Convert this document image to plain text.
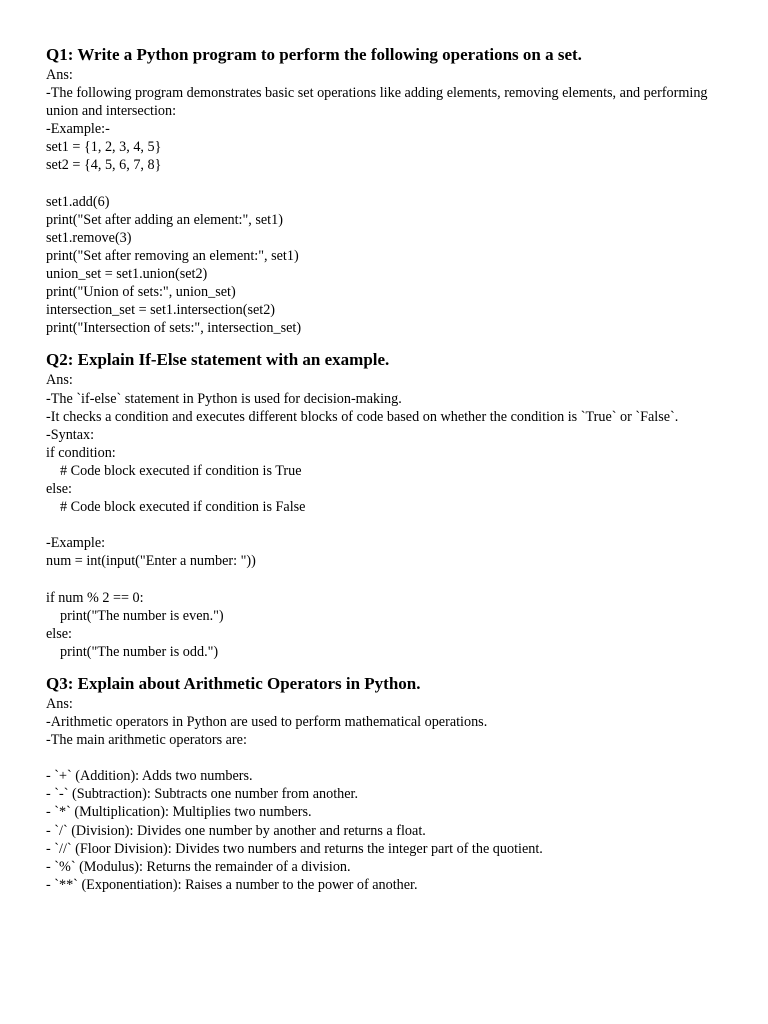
Q1: Write a Python program to perform the following operations on a set.
Ans:
-The following program demonstrates basic set operations like adding elements, removing elements, and performing union and intersection:
-Example:-
set1 = {1, 2, 3, 4, 5}
set2 = {4, 5, 6, 7, 8}
set1.add(6)
print("Set after adding an element:", set1)
set1.remove(3)
print("Set after removing an element:", set1)
union_set = set1.union(set2)
print("Union of sets:", union_set)
intersection_set = set1.intersection(set2)
print("Intersection of sets:", intersection_set)
Q2: Explain If-Else statement with an example.
Ans:
-The `if-else` statement in Python is used for decision-making.
-It checks a condition and executes different blocks of code based on whether the condition is `True` or `False`.
-Syntax:
if condition:
# Code block executed if condition is True
else:
# Code block executed if condition is False
-Example:
num = int(input("Enter a number: "))
if num % 2 == 0:
print("The number is even.")
else:
print("The number is odd.")
Q3: Explain about Arithmetic Operators in Python.
Ans:
-Arithmetic operators in Python are used to perform mathematical operations.
-The main arithmetic operators are:
- `+` (Addition): Adds two numbers.
- `-` (Subtraction): Subtracts one number from another.
- `*` (Multiplication): Multiplies two numbers.
- `/` (Division): Divides one number by another and returns a float.
- `//` (Floor Division): Divides two numbers and returns the integer part of the quotient.
- `%` (Modulus): Returns the remainder of a division.
- `**` (Exponentiation): Raises a number to the power of another.
